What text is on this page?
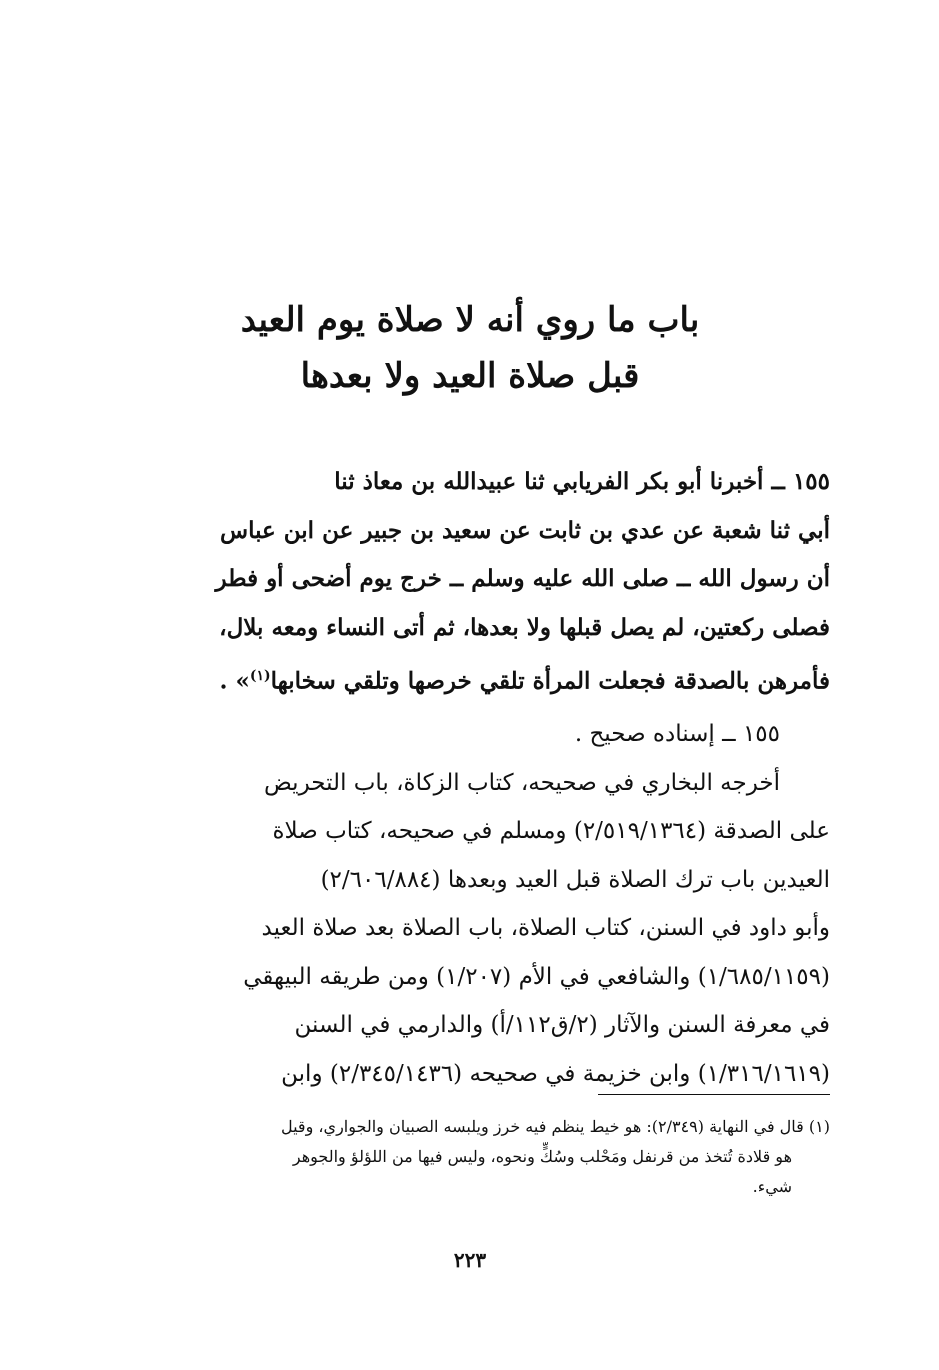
باب ما روي أنه لا صلاة يوم العيد
قبل صلاة العيد ولا بعدها
١٥٥ ــ أخبرنا أبو بكر الفريابي ثنا عبيدالله بن معاذ ثنا
أبي ثنا شعبة عن عدي بن ثابت عن سعيد بن جبير عن ابن عباس
أن رسول الله ــ صلى الله عليه وسلم ــ خرج يوم أضحى أو فطر
فصلى ركعتين، لم يصل قبلها ولا بعدها، ثم أتى النساء ومعه بلال،
فأمرهن بالصدقة فجعلت المرأة تلقي خرصها وتلقي سخابها$^{(١)}$» .
١٥٥ ــ إسناده صحيح .
أخرجه البخاري في صحيحه، كتاب الزكاة، باب التحريض
على الصدقة (٢/٥١٩/١٣٦٤) ومسلم في صحيحه، كتاب صلاة
العيدين باب ترك الصلاة قبل العيد وبعدها (٢/٦٠٦/٨٨٤)
وأبو داود في السنن، كتاب الصلاة، باب الصلاة بعد صلاة العيد
(١/٦٨٥/١١٥٩) والشافعي في الأم (١/٢٠٧) ومن طريقه البيهقي
في معرفة السنن والآثار (٢/ق١١٢/أ) والدارمي في السنن
(١/٣١٦/١٦١٩) وابن خزيمة في صحيحه (٢/٣٤٥/١٤٣٦) وابن
(١) قال في النهاية (٢/٣٤٩): هو خيط ينظم فيه خرز ويلبسه الصبيان والجواري، وقيل
هو قلادة تُتخذ من قرنفل ومَحْلب وسُكٍّ ونحوه، وليس فيها من اللؤلؤ والجوهر
شيء.
٢٢٣
